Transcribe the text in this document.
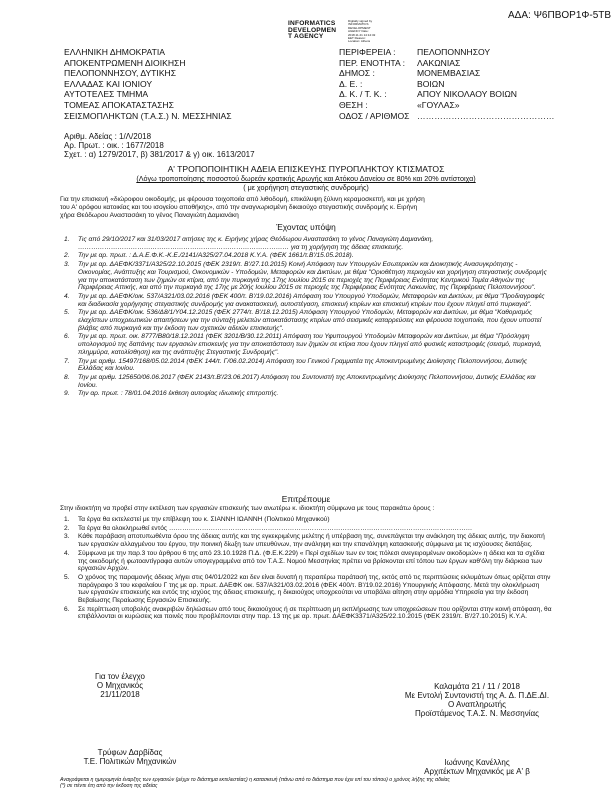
ΑΔΑ: Ψ6ΠΒΟΡ1Φ-5ΤΒ
INFORMATICS
DEVELOPMEN
T AGENCY
Digitally signed by INFORMATICS DEVELOPMENT AGENCY Date: 2018.11.21 14:12:32 EET Reason: Location: Athens
ΕΛΛΗΝΙΚΗ ΔΗΜΟΚΡΑΤΙΑ
ΑΠΟΚΕΝΤΡΩΜΕΝΗ ΔΙΟΙΚΗΣΗ
ΠΕΛΟΠΟΝΝΗΣΟΥ, ΔΥΤΙΚΗΣ
ΕΛΛΑΔΑΣ ΚΑΙ ΙΟΝΙΟΥ
ΑΥΤΟΤΕΛΕΣ ΤΜΗΜΑ
ΤΟΜΕΑΣ ΑΠΟΚΑΤΑΣΤΑΣΗΣ
ΣΕΙΣΜΟΠΛΗΚΤΩΝ (Τ.Α.Σ.) Ν. ΜΕΣΣΗΝΙΑΣ
ΠΕΡΙΦΕΡΕΙΑ :	ΠΕΛΟΠΟΝΝΗΣΟΥ
ΠΕΡ. ΕΝΟΤΗΤΑ :	ΛΑΚΩΝΙΑΣ
ΔΗΜΟΣ :	ΜΟΝΕΜΒΑΣΙΑΣ
Δ. Ε. :	ΒΟΙΩΝ
Δ. Κ. / Τ. Κ. :	ΑΠΟΥ ΝΙΚΟΛΑΟΥ ΒΟΙΩΝ
ΘΕΣΗ :	«ΓΟΥΛΑΣ»
ΟΔΟΣ / ΑΡΙΘΜΟΣ …………………………………………
Αριθμ. Αδείας : 1/Λ/2018
Αρ. Πρωτ. : οικ. : 1677/2018
Σχετ. : α) 1279/2017, β) 381/2017 & γ) οικ. 1613/2017
Α' ΤΡΟΠΟΠΟΙΗΤΙΚΗ ΑΔΕΙΑ ΕΠΙΣΚΕΥΗΣ ΠΥΡΟΠΛΗΚΤΟΥ ΚΤΙΣΜΑΤΟΣ
(Λόγω τροποποίησης ποσοστού δωρεάν κρατικής Αρωγής και Ατόκου Δανείου σε 80% και 20% αντίστοιχα)
( με χορήγηση στεγαστικής συνδρομής)
Για την επισκευή «διώροφου οικοδομής, με φέρουσα τοιχοποιία από λιθοδομή, επικάλυψη ξύλινη κεραμοσκεπή, και με χρήση
του Α' ορόφου κατοικίας και του ισογείου αποθήκης», από την αναγνωρισμένη δικαιούχο στεγαστικής συνδρομής κ. Ειρήνη
χήρα Θεόδωρου Αναστασάκη το γένος Παναγιώτη Δαμιανάκη
Έχοντας υπόψη
1. Τις από 29/10/2017 και 31/03/2017 αιτήσεις της κ. Ειρήνης χήρας Θεόδωρου Αναστασάκη το γένος Παναγιώτη Δαμιανάκη, …………………………………………………………………………………… για τη χορήγηση της άδειας επισκευής.
2. Την με αρ. πρωτ. : Δ.Α.Ε.Φ.Κ.-Κ.Ε./2141/Α325/27.04.2018 Κ.Υ.Α. (ΦΕΚ 1661/τ.Β'/15.05.2018).
3. Την με αρ. ΔΑΕΦΚ/3371/Α325/22.10.2015 (ΦΕΚ 2319/τ. Β'/27.10.2015) Κοινή Απόφαση των Υπουργών Εσωτερικών και Διοικητικής Ανασυγκρότησης - Οικονομίας, Ανάπτυξης και Τουρισμού, Οικονομικών - Υποδομών, Μεταφορών και Δικτύων, με θέμα "Οριοθέτηση περιοχών και χορήγηση στεγαστικής συνδρομής για την αποκατάσταση των ζημιών σε κτίρια, από την πυρκαγιά της 17ης Ιουλίου 2015 σε περιοχές της Περιφέρειας Ενότητας Κεντρικού Τομέα Αθηνών της Περιφέρειας Αττικής, και από την πυρκαγιά της 17ης με 20ής Ιουλίου 2015 σε περιοχές της Περιφέρειας Ενότητας Λακωνίας, της Περιφέρειας Πελοποννήσου".
4. Την με αρ. ΔΑΕΦΚ/οικ. 537/Α321/03.02.2016 (ΦΕΚ 400/τ. Β'/19.02.2016) Απόφαση του Υπουργού Υποδομών, Μεταφορών και Δικτύων, με θέμα "Προδιαγραφές και διαδικασία χορήγησης στεγαστικής συνδρομής για ανακατασκευή, αυτοστέγαση, επισκευή κτιρίων και επισκευή κτιρίων που έχουν πληγεί από πυρκαγιά".
5. Την με αρ. ΔΑΕΦΚ/οικ. 536/Δ8/1/Υ04.12.2015 (ΦΕΚ 2774/τ. Β'/18.12.2015) Απόφαση Υπουργού Υποδομών, Μεταφορών και Δικτύων, με θέμα "Καθορισμός ελαχίστων υποχρεωτικών απαιτήσεων για την σύνταξη μελετών αποκατάστασης κτιρίων από σεισμικές καταρρεύσεις και φέρουσα τοιχοποιία, που έχουν υποστεί βλάβες από πυρκαγιά και την έκδοση των σχετικών αδειών επισκευής".
6. Την με αρ. πρωτ. οικ. 8777/Β80/18.12.2011 (ΦΕΚ 3201/Β/30.12.2011) Απόφαση του Υφυπουργού Υποδομών Μεταφορών και Δικτύων, με θέμα "Πρόσληψη υπολογισμού της δαπάνης των εργασιών επισκευής για την αποκατάσταση των ζημιών σε κτίρια που έχουν πληγεί από φυσικές καταστροφές (σεισμό, πυρκαγιά, πλημμύρα, κατολίσθηση) και της ανάπτυξης Στεγαστικής Συνδρομής".
7. Την με αριθμ. 15497/168/05.02.2014 (ΦΕΚ 144/τ. Γ/06.02.2014) Απόφαση του Γενικού Γραμματέα της Αποκεντρωμένης Διοίκησης Πελοποννήσου, Δυτικής Ελλάδας και Ιονίου.
8. Την με αριθμ. 125650/06.06.2017 (ΦΕΚ 2143/τ.Β'/23.06.2017) Απόφαση του Συντονιστή της Αποκεντρωμένης Διοίκησης Πελοποννήσου, Δυτικής Ελλάδας και Ιονίου.
9. Την αρ. πρωτ. : 78/01.04.2016 έκθεση αυτοψίας ιδιωτικής επιτροπής.
Επιτρέπουμε
Στην ιδιοκτήτη να προβεί στην εκτέλεση των εργασιών επισκευής των ανωτέρω κ. ιδιοκτήτη σύμφωνα με τους παρακάτω όρους :
1. Τα έργα θα εκτελεστεί με την επίβλεψη του κ. ΣΙΑΝΝΗ ΙΩΑΝΝΗ (Πολιτικού Μηχανικού)
2. Τα έργα θα ολοκληρωθεί εντός …………………………………………………………………………………………………………………………
3. Κάθε παράβαση αποτυπωθέντα όρου της άδειας αυτής και της εγκεκριμένης μελέτης ή υπέρβαση της, συνεπάγεται την ανάκληση της άδειας αυτής, την διακοπή των εργασιών αλλαγμένου του έργου, την ποινική δίωξη των υπευθύνων, την ανάληψη και την επανάληψη κατασκευής σύμφωνα με τις ισχύουσες διατάξεις.
4. Σύμφωνα με την παρ.3 του άρθρου 6 της από 23.10.1928 Π.Δ. (Φ.Ε.Κ.229) « Περί σχεδίων των εν τοις πόλεσι ανεγειρομένων οικοδομών» η άδεια και τα σχέδια της οικοδομής ή φωτοαντίγραφα αυτών υπογεγραμμένα από τον Τ.Α.Σ. Νομού Μεσσηνίας πρέπει να βρίσκονται επί τόπου των έργων καθ'όλη την διάρκεια των εργασιών Αρχών.
5. Ο χρόνος της παραμονής άδειας λήγει στις 04/01/2022 και δεν είναι δυνατή η περαιτέρω παράτασή της, εκτός από τις περιπτώσεις εκλυμάτων όπως ορίζεται στην παράγραφο 3 του κεφαλαίου Γ της με αρ. πρωτ. ΔΑΕΦΚ οικ. 537/Α321/03.02.2016 (ΦΕΚ 400/τ. Β'/19.02.2016) Υπουργικής Απόφασης. Μετά την ολοκλήρωση των εργασιών επισκευής και εντός της ισχύος της άδειας επισκευής, η δικαιούχος υποχρεούται να υποβάλει αίτηση στην αρμόδια Υπηρεσία για την έκδοση Βεβαίωσης Περαίωσης Εργασιών Επισκευής.
6. Σε περίπτωση υποβολής ανακριβών δηλώσεων από τους δικαιούχους ή σε περίπτωση μη εκπλήρωσης των υποχρεώσεων που ορίζονται στην κοινή απόφαση, θα επιβάλλονται οι κυρώσεις και ποινές που προβλέπονται στην παρ. 13 της με αρ. πρωτ. ΔΑΕΦΚ3371/Α325/22.10.2015 (ΦΕΚ 2319/τ. Β'/27.10.2015) Κ.Υ.Α.
Για τον έλεγχο
Ο Μηχανικός
21/11/2018
Καλαμάτα 21 / 11 / 2018
Με Εντολή Συντονιστή της Α. Δ. Π.ΔΕ.ΔΙ.
Ο Αναπληρωτής
Προϊστάμενος Τ.Α.Σ. Ν. Μεσσηνίας
Τρύφων Δαρβίδας
Τ.Ε. Πολιτικών Μηχανικών	Ιωάννης Κανέλλης
Αρχιτέκτων Μηχανικός με Α' β
Αναγράφεται η ημερομηνία έναρξης των εργασιών (μέχρι το διάστημα εκτελεστέας) η κατασκευή (πάνω από το διάστημα που έχει επί του τόπου) ο χρόνος λήξης της αδείας
(*) σε πέντε έτη από την έκδοση της αδείας
